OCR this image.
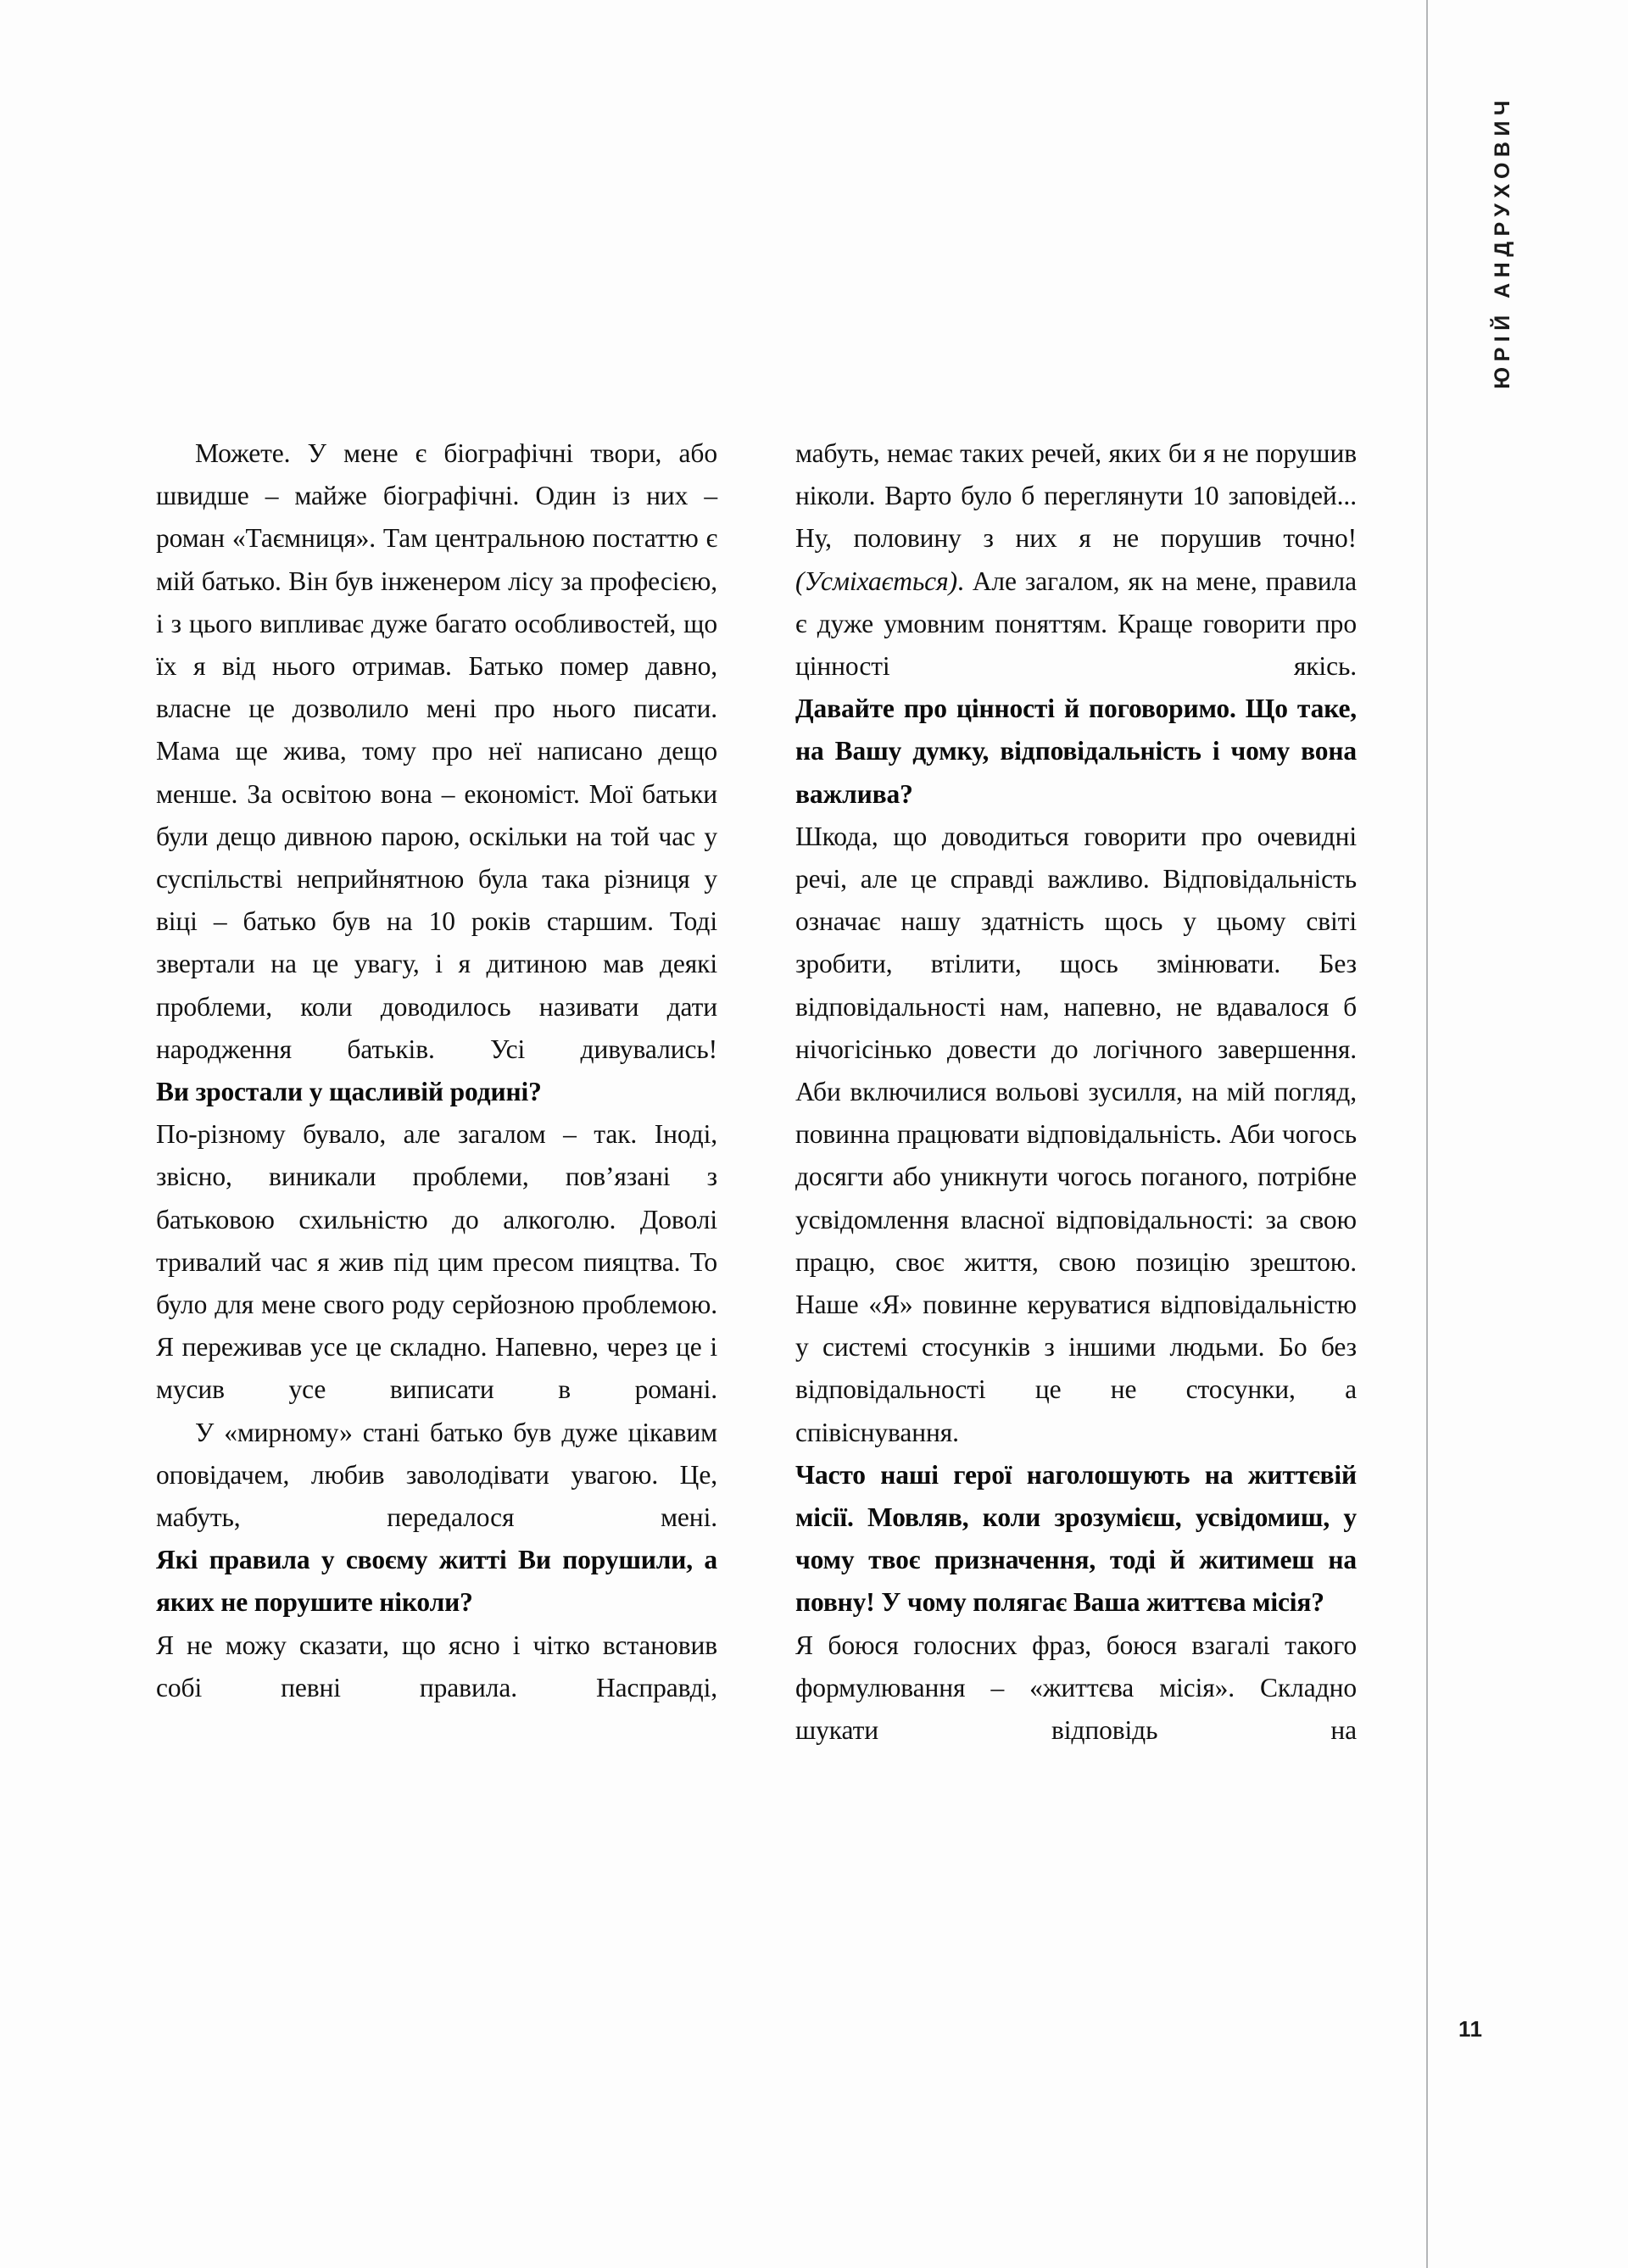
ЮРІЙ АНДРУХОВИЧ
11

Можете. У мене є біографічні твори, або швидше – майже біографічні. Один із них – роман «Таємниця». Там центральною постаттю є мій батько. Він був інженером лісу за професією, і з цього випливає дуже багато особливостей, що їх я від нього отримав. Батько помер давно, власне це дозволило мені про нього писати. Мама ще жива, тому про неї написано дещо менше. За освітою вона – економіст. Мої батьки були дещо дивною парою, оскільки на той час у суспільстві неприйнятною була така різниця у віці – батько був на 10 років старшим. Тоді звертали на це увагу, і я дитиною мав деякі проблеми, коли доводилось називати дати народження батьків. Усі дивувались!

Ви зростали у щасливій родині?

По-різному бувало, але загалом – так. Іноді, звісно, виникали проблеми, пов’язані з батьковою схильністю до алкоголю. Доволі тривалий час я жив під цим пресом пияцтва. То було для мене свого роду серйозною проблемою. Я переживав усе це складно. Напевно, через це і мусив усе виписати в романі.

У «мирному» стані батько був дуже цікавим оповідачем, любив заволодівати увагою. Це, мабуть, передалося мені.

Які правила у своєму житті Ви порушили, а яких не порушите ніколи?

Я не можу сказати, що ясно і чітко встановив собі певні правила. Насправді,

мабуть, немає таких речей, яких би я не порушив ніколи. Варто було б переглянути 10 заповідей... Ну, половину з них я не порушив точно! (Усміхається). Але загалом, як на мене, правила є дуже умовним поняттям. Краще говорити про цінності якісь.

Давайте про цінності й поговоримо. Що таке, на Вашу думку, відповідальність і чому вона важлива?

Шкода, що доводиться говорити про очевидні речі, але це справді важливо. Відповідальність означає нашу здатність щось у цьому світі зробити, втілити, щось змінювати. Без відповідальності нам, напевно, не вдавалося б нічогісінько довести до логічного завершення. Аби включилися вольові зусилля, на мій погляд, повинна працювати відповідальність. Аби чогось досягти або уникнути чогось поганого, потрібне усвідомлення власної відповідальності: за свою працю, своє життя, свою позицію зрештою. Наше «Я» повинне керуватися відповідальністю у системі стосунків з іншими людьми. Бо без відповідальності це не стосунки, а співіснування.

Часто наші герої наголошують на життєвій місії. Мовляв, коли зрозумієш, усвідомиш, у чому твоє призначення, тоді й житимеш на повну! У чому полягає Ваша життєва місія?

Я боюся голосних фраз, боюся взагалі такого формулювання – «життєва місія». Складно шукати відповідь на
